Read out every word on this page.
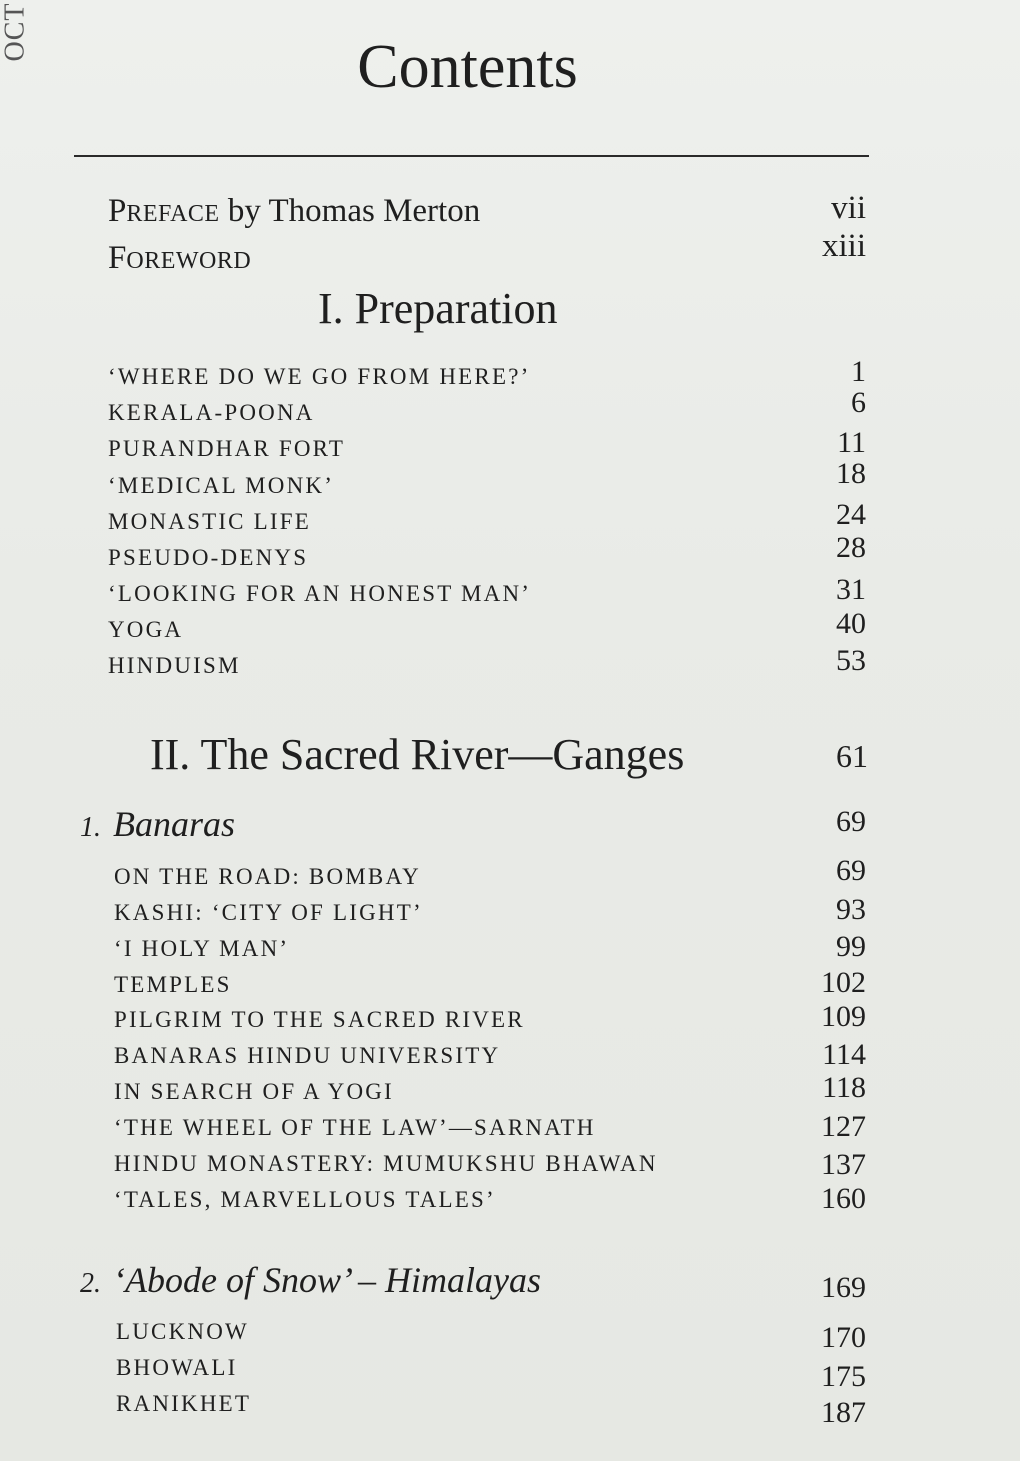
OCT
Contents
PREFACE by Thomas Merton	vii
FOREWORD	xiii
I. Preparation
‘WHERE DO WE GO FROM HERE?’	1
KERALA-POONA	6
PURANDHAR FORT	11
‘MEDICAL MONK’	18
MONASTIC LIFE	24
PSEUDO-DENYS	28
‘LOOKING FOR AN HONEST MAN’	31
YOGA	40
HINDUISM	53
II. The Sacred River—Ganges	61
1. Banaras	69
ON THE ROAD: BOMBAY	69
KASHI: ‘CITY OF LIGHT’	93
‘I HOLY MAN’	99
TEMPLES	102
PILGRIM TO THE SACRED RIVER	109
BANARAS HINDU UNIVERSITY	114
IN SEARCH OF A YOGI	118
‘THE WHEEL OF THE LAW’—SARNATH	127
HINDU MONASTERY: MUMUKSHU BHAWAN	137
‘TALES, MARVELLOUS TALES’	160
2. ‘Abode of Snow’ – Himalayas	169
LUCKNOW	170
BHOWALI	175
RANIKHET	187
